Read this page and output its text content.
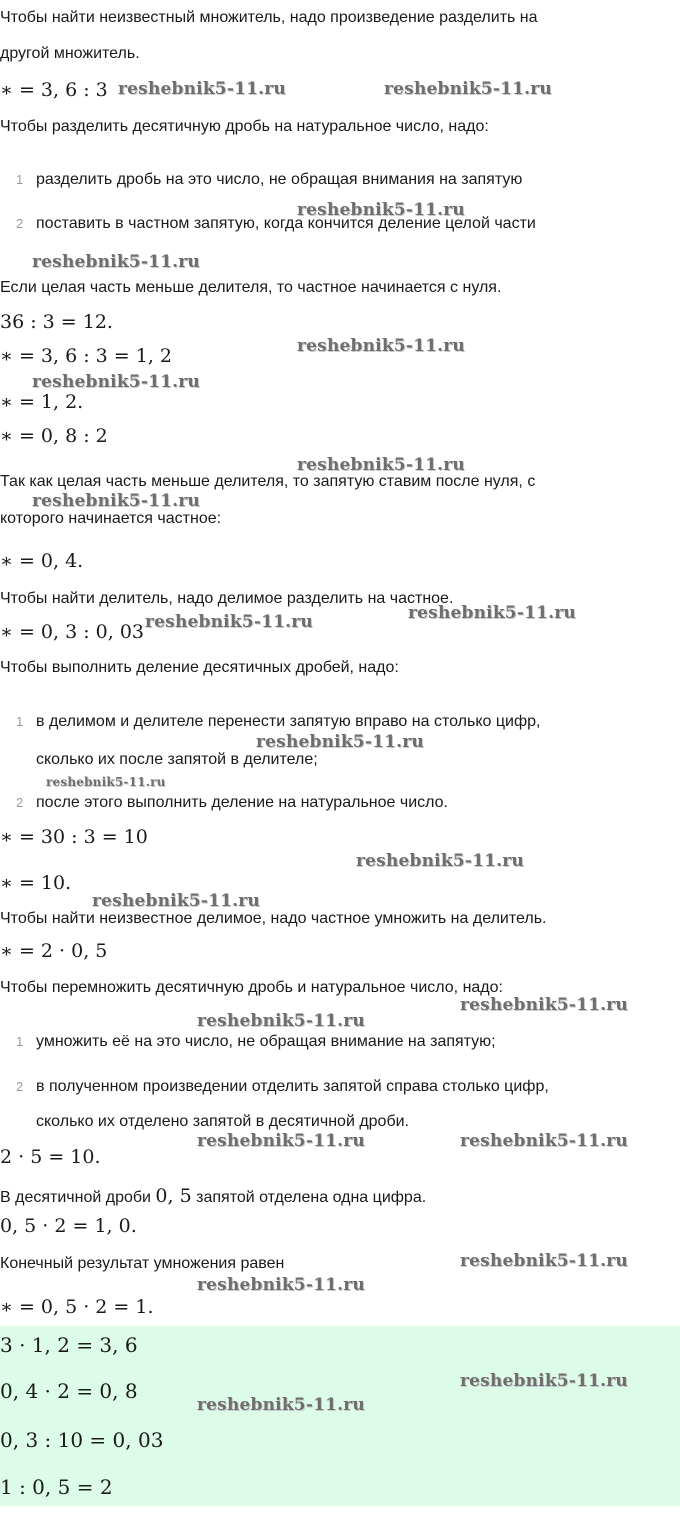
Чтобы найти неизвестный множитель, надо произведение разделить на
другой множитель.
∗ = 3, 6 : 3
Чтобы разделить десятичную дробь на натуральное число, надо:
1 разделить дробь на это число, не обращая внимания на запятую
2 поставить в частном запятую, когда кончится деление целой части
Если целая часть меньше делителя, то частное начинается с нуля.
36 : 3 = 12.
∗ = 3, 6 : 3 = 1, 2
∗ = 1, 2.
∗ = 0, 8 : 2
Так как целая часть меньше делителя, то запятую ставим после нуля, с
которого начинается частное:
∗ = 0, 4.
Чтобы найти делитель, надо делимое разделить на частное.
∗ = 0, 3 : 0, 03
Чтобы выполнить деление десятичных дробей, надо:
1 в делимом и делителе перенести запятую вправо на столько цифр,
сколько их после запятой в делителе;
2 после этого выполнить деление на натуральное число.
∗ = 30 : 3 = 10
∗ = 10.
Чтобы найти неизвестное делимое, надо частное умножить на делитель.
∗ = 2 · 0, 5
Чтобы перемножить десятичную дробь и натуральное число, надо:
1 умножить её на это число, не обращая внимание на запятую;
2 в полученном произведении отделить запятой справа столько цифр,
сколько их отделено запятой в десятичной дроби.
2 · 5 = 10.
В десятичной дроби 0, 5 запятой отделена одна цифра.
0, 5 · 2 = 1, 0.
Конечный результат умножения равен
∗ = 0, 5 · 2 = 1.
3 · 1, 2 = 3, 6
0, 4 · 2 = 0, 8
0, 3 : 10 = 0, 03
1 : 0, 5 = 2
reshebnik5-11.ru	reshebnik5-11.ru
reshebnik5-11.ru
reshebnik5-11.ru
reshebnik5-11.ru
reshebnik5-11.ru
reshebnik5-11.ru
reshebnik5-11.ru
reshebnik5-11.ru
reshebnik5-11.ru
reshebnik5-11.ru
reshebnik5-11.ru
reshebnik5-11.ru
reshebnik5-11.ru
reshebnik5-11.ru
reshebnik5-11.ru
reshebnik5-11.ru	reshebnik5-11.ru
reshebnik5-11.ru
reshebnik5-11.ru
reshebnik5-11.ru
reshebnik5-11.ru
